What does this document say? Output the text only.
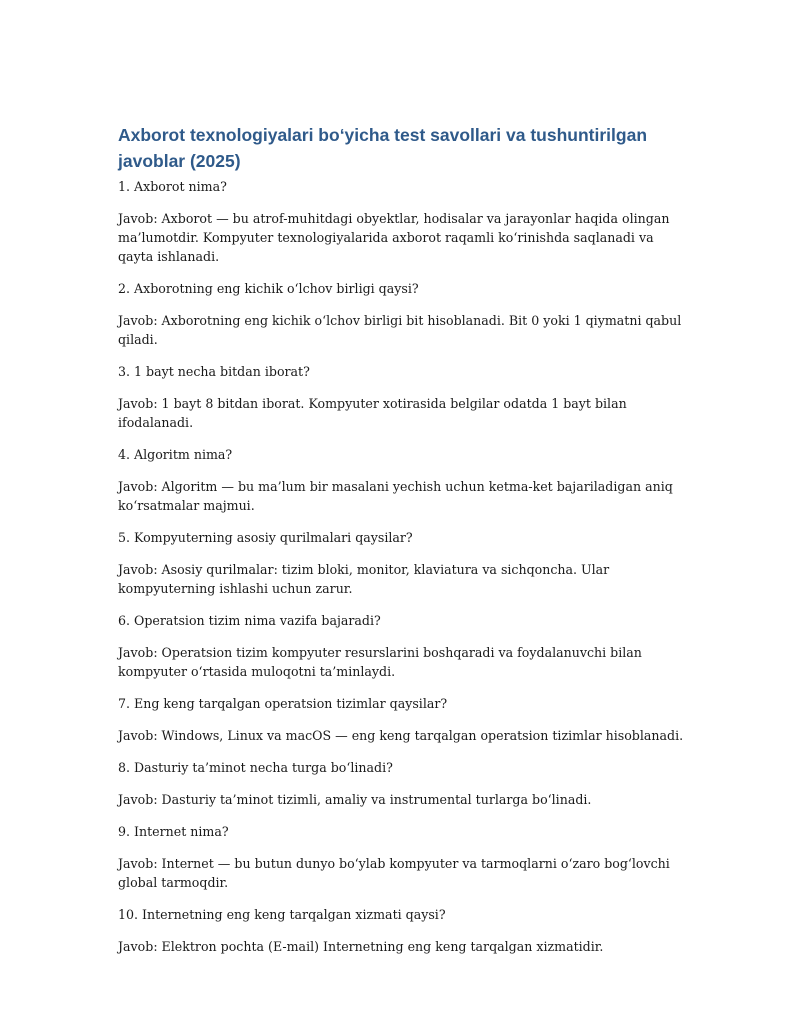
Axborot texnologiyalari bo‘yicha test savollari va tushuntirilgan javoblar (2025)

1. Axborot nima?

Javob: Axborot — bu atrof-muhitdagi obyektlar, hodisalar va jarayonlar haqida olingan ma’lumotdir. Kompyuter texnologiyalarida axborot raqamli ko‘rinishda saqlanadi va qayta ishlanadi.

2. Axborotning eng kichik o‘lchov birligi qaysi?

Javob: Axborotning eng kichik o‘lchov birligi bit hisoblanadi. Bit 0 yoki 1 qiymatni qabul qiladi.

3. 1 bayt necha bitdan iborat?

Javob: 1 bayt 8 bitdan iborat. Kompyuter xotirasida belgilar odatda 1 bayt bilan ifodalanadi.

4. Algoritm nima?

Javob: Algoritm — bu ma’lum bir masalani yechish uchun ketma-ket bajariladigan aniq ko‘rsatmalar majmui.

5. Kompyuterning asosiy qurilmalari qaysilar?

Javob: Asosiy qurilmalar: tizim bloki, monitor, klaviatura va sichqoncha. Ular kompyuterning ishlashi uchun zarur.

6. Operatsion tizim nima vazifa bajaradi?

Javob: Operatsion tizim kompyuter resurslarini boshqaradi va foydalanuvchi bilan kompyuter o‘rtasida muloqotni ta’minlaydi.

7. Eng keng tarqalgan operatsion tizimlar qaysilar?

Javob: Windows, Linux va macOS — eng keng tarqalgan operatsion tizimlar hisoblanadi.

8. Dasturiy ta’minot necha turga bo‘linadi?

Javob: Dasturiy ta’minot tizimli, amaliy va instrumental turlarga bo‘linadi.

9. Internet nima?

Javob: Internet — bu butun dunyo bo‘ylab kompyuter va tarmoqlarni o‘zaro bog‘lovchi global tarmoqdir.

10. Internetning eng keng tarqalgan xizmati qaysi?

Javob: Elektron pochta (E-mail) Internetning eng keng tarqalgan xizmatidir.
